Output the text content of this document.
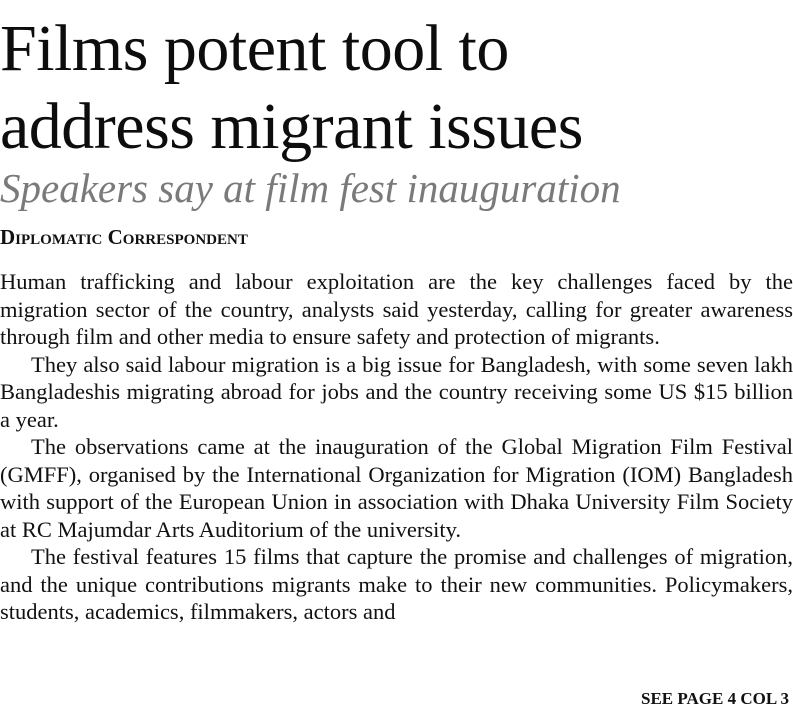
Films potent tool to
address migrant issues
Speakers say at film fest inauguration
Diplomatic Correspondent

Human trafficking and labour exploitation are the key challenges faced by the migration sector of the country, analysts said yesterday, calling for greater awareness through film and other media to ensure safety and protection of migrants.

They also said labour migration is a big issue for Bangladesh, with some seven lakh Bangladeshis migrating abroad for jobs and the country receiving some US $15 billion a year.

The observations came at the inauguration of the Global Migration Film Festival (GMFF), organised by the International Organization for Migration (IOM) Bangladesh with support of the European Union in association with Dhaka University Film Society at RC Majumdar Arts Auditorium of the university.

The festival features 15 films that capture the promise and challenges of migration, and the unique contributions migrants make to their new communities. Policymakers, students, academics, filmmakers, actors and

SEE PAGE 4 COL 3
